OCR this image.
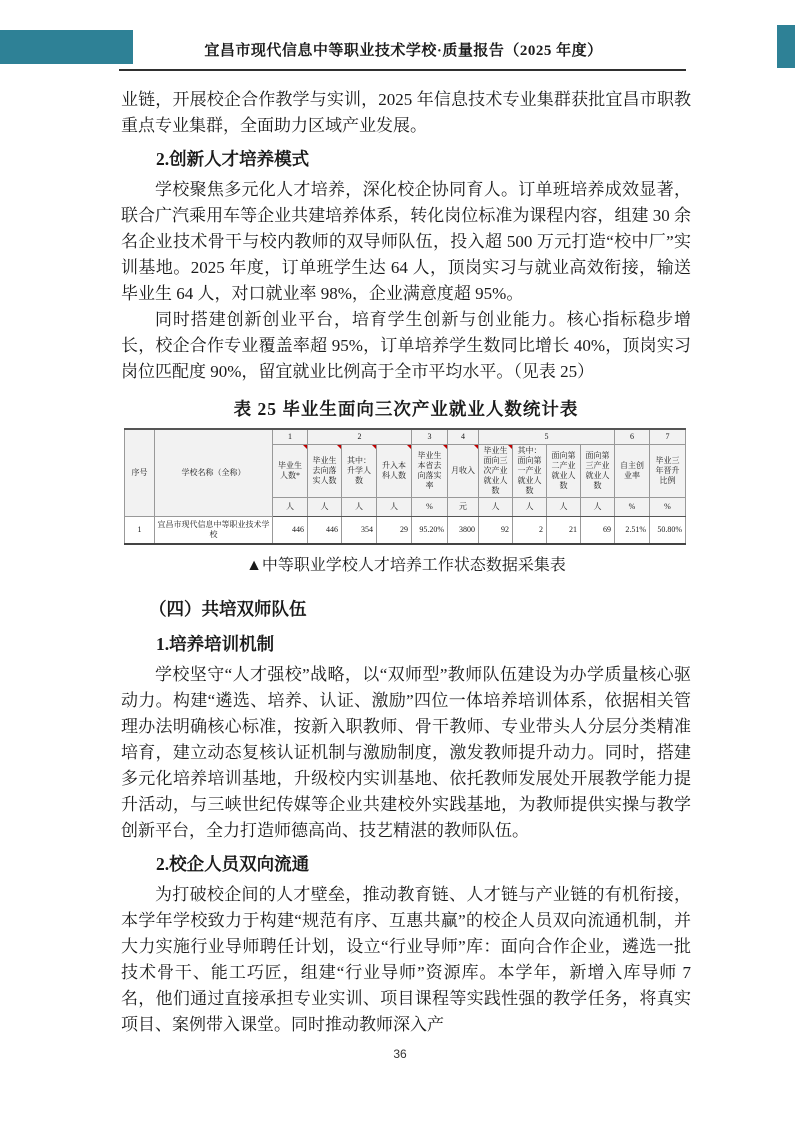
宜昌市现代信息中等职业技术学校·质量报告（2025 年度）

业链，开展校企合作教学与实训，2025 年信息技术专业集群获批宜昌市职教重点专业集群，全面助力区域产业发展。

2.创新人才培养模式

学校聚焦多元化人才培养，深化校企协同育人。订单班培养成效显著，联合广汽乘用车等企业共建培养体系，转化岗位标准为课程内容，组建 30 余名企业技术骨干与校内教师的双导师队伍，投入超 500 万元打造“校中厂”实训基地。2025 年度，订单班学生达 64 人，顶岗实习与就业高效衔接，输送毕业生 64 人，对口就业率 98%，企业满意度超 95%。

同时搭建创新创业平台，培育学生创新与创业能力。核心指标稳步增长，校企合作专业覆盖率超 95%，订单培养学生数同比增长 40%，顶岗实习岗位匹配度 90%，留宜就业比例高于全市平均水平。（见表 25）

表 25 毕业生面向三次产业就业人数统计表
序号	学校名称（全称）	1	2			3	4	5				6	7
		毕业生人数*	毕业生去向落实人数	其中：升学人数	升入本科人数	毕业生本省去向落实率	月收入	毕业生面向三次产业就业人数	其中：面向第一产业就业人数	面向第二产业就业人数	面向第三产业就业人数	自主创业率	毕业三年晋升比例
		人	人	人	人	%	元	人	人	人	人	%	%
1	宜昌市现代信息中等职业技术学校	446	446	354	29	95.20%	3800	92	2	21	69	2.51%	50.80%

▲中等职业学校人才培养工作状态数据采集表

（四）共培双师队伍
1.培养培训机制

学校坚守“人才强校”战略，以“双师型”教师队伍建设为办学质量核心驱动力。构建“遴选、培养、认证、激励”四位一体培养培训体系，依据相关管理办法明确核心标准，按新入职教师、骨干教师、专业带头人分层分类精准培育，建立动态复核认证机制与激励制度，激发教师提升动力。同时，搭建多元化培养培训基地，升级校内实训基地、依托教师发展处开展教学能力提升活动，与三峡世纪传媒等企业共建校外实践基地，为教师提供实操与教学创新平台，全力打造师德高尚、技艺精湛的教师队伍。

2.校企人员双向流通

为打破校企间的人才壁垒，推动教育链、人才链与产业链的有机衔接，本学年学校致力于构建“规范有序、互惠共赢”的校企人员双向流通机制，并大力实施行业导师聘任计划，设立“行业导师”库：面向合作企业，遴选一批技术骨干、能工巧匠，组建“行业导师”资源库。本学年，新增入库导师 7 名，他们通过直接承担专业实训、项目课程等实践性强的教学任务，将真实项目、案例带入课堂。同时推动教师深入产

36
